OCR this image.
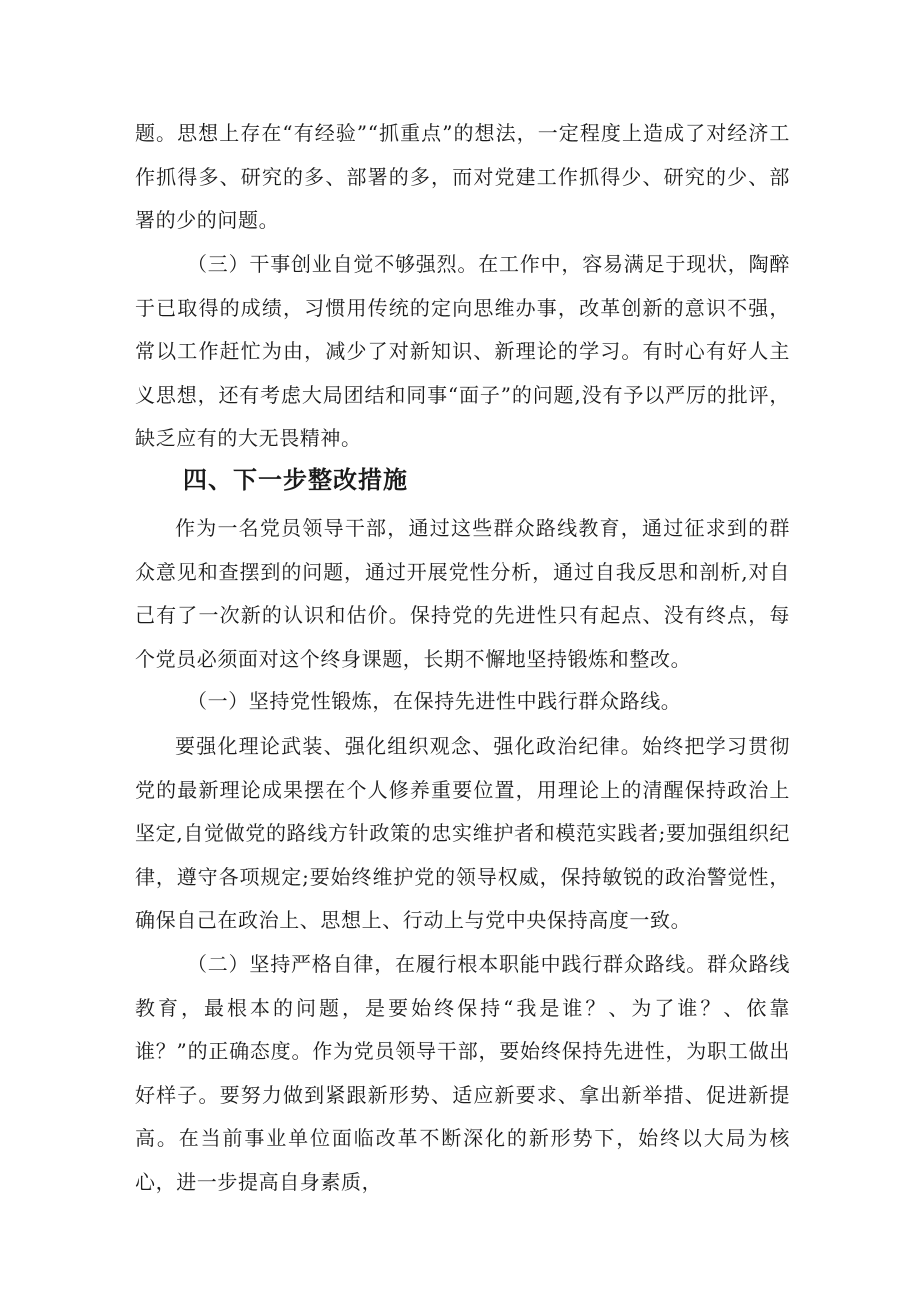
题。思想上存在“有经验”“抓重点”的想法，一定程度上造成了对经济工作抓得多、研究的多、部署的多，而对党建工作抓得少、研究的少、部署的少的问题。

（三）干事创业自觉不够强烈。在工作中，容易满足于现状，陶醉于已取得的成绩，习惯用传统的定向思维办事，改革创新的意识不强，常以工作赶忙为由，减少了对新知识、新理论的学习。有时心有好人主义思想，还有考虑大局团结和同事“面子”的问题,没有予以严厉的批评，缺乏应有的大无畏精神。

四、下一步整改措施

作为一名党员领导干部，通过这些群众路线教育，通过征求到的群众意见和查摆到的问题，通过开展党性分析，通过自我反思和剖析,对自己有了一次新的认识和估价。保持党的先进性只有起点、没有终点，每个党员必须面对这个终身课题，长期不懈地坚持锻炼和整改。

（一）坚持党性锻炼，在保持先进性中践行群众路线。

要强化理论武装、强化组织观念、强化政治纪律。始终把学习贯彻党的最新理论成果摆在个人修养重要位置，用理论上的清醒保持政治上坚定,自觉做党的路线方针政策的忠实维护者和模范实践者;要加强组织纪律，遵守各项规定;要始终维护党的领导权威，保持敏锐的政治警觉性，确保自己在政治上、思想上、行动上与党中央保持高度一致。

（二）坚持严格自律，在履行根本职能中践行群众路线。群众路线教育，最根本的问题，是要始终保持“我是谁？、为了谁？、依靠谁？”的正确态度。作为党员领导干部，要始终保持先进性，为职工做出好样子。要努力做到紧跟新形势、适应新要求、拿出新举措、促进新提高。在当前事业单位面临改革不断深化的新形势下，始终以大局为核心，进一步提高自身素质，
